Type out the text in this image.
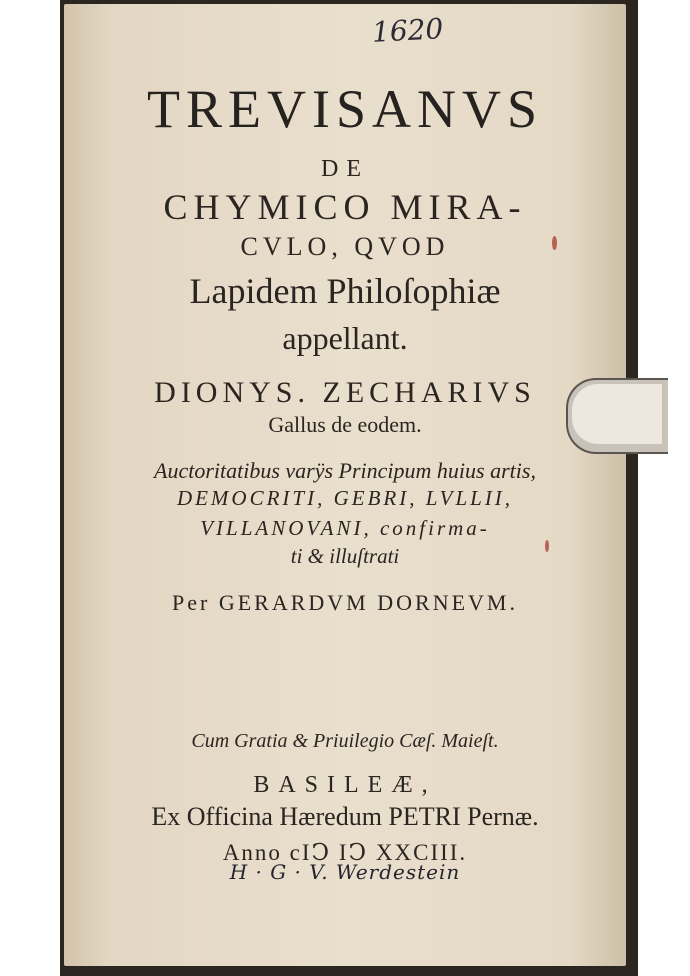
1620
TREVISANVS
DE
CHYMICO MIRA-
CVLO, QVOD
Lapidem Philoſophiæ
appellant.
DIONYS. ZECHARIVS
Gallus de eodem.
Auctoritatibus varÿs Principum huius artis,
DEMOCRITI, GEBRI, LVLLII,
VILLANOVANI, confirma-
ti & illuſtrati
Per GERARDVM DORNEVM.
Cum Gratia & Priuilegio Cæſ. Maieſt.
BASILEÆ,
Ex Officina Hæredum PETRI Pernæ.
Anno cIↃ IↃ XXCIII.
H · G · V. Werdestein
